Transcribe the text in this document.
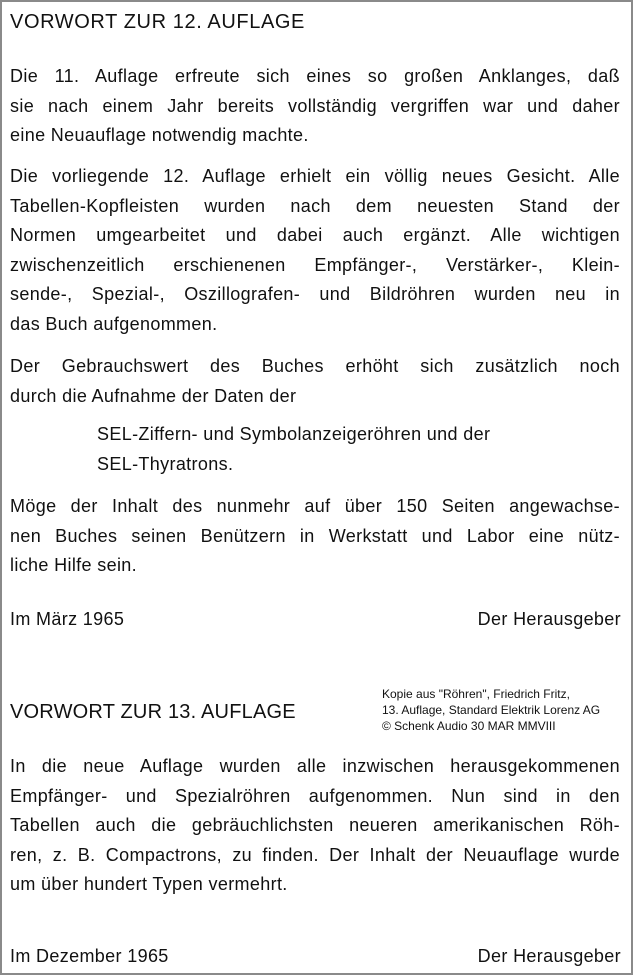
VORWORT ZUR 12. AUFLAGE

Die 11. Auflage erfreute sich eines so großen Anklanges, daß
sie nach einem Jahr bereits vollständig vergriffen war und daher
eine Neuauflage notwendig machte.

Die vorliegende 12. Auflage erhielt ein völlig neues Gesicht. Alle
Tabellen-Kopfleisten wurden nach dem neuesten Stand der
Normen umgearbeitet und dabei auch ergänzt. Alle wichtigen
zwischenzeitlich erschienenen Empfänger-, Verstärker-, Klein-
sende-, Spezial-, Oszillografen- und Bildröhren wurden neu in
das Buch aufgenommen.

Der Gebrauchswert des Buches erhöht sich zusätzlich noch
durch die Aufnahme der Daten der

SEL-Ziffern- und Symbolanzeigeröhren und der
SEL-Thyratrons.

Möge der Inhalt des nunmehr auf über 150 Seiten angewachse-
nen Buches seinen Benützern in Werkstatt und Labor eine nütz-
liche Hilfe sein.

Im März 1965	Der Herausgeber
Kopie aus "Röhren", Friedrich Fritz,
13. Auflage, Standard Elektrik Lorenz AG
© Schenk Audio 30 MAR MMVIII
VORWORT ZUR 13. AUFLAGE

In die neue Auflage wurden alle inzwischen herausgekommenen
Empfänger- und Spezialröhren aufgenommen. Nun sind in den
Tabellen auch die gebräuchlichsten neueren amerikanischen Röh-
ren, z. B. Compactrons, zu finden. Der Inhalt der Neuauflage wurde
um über hundert Typen vermehrt.

Im Dezember 1965	Der Herausgeber
